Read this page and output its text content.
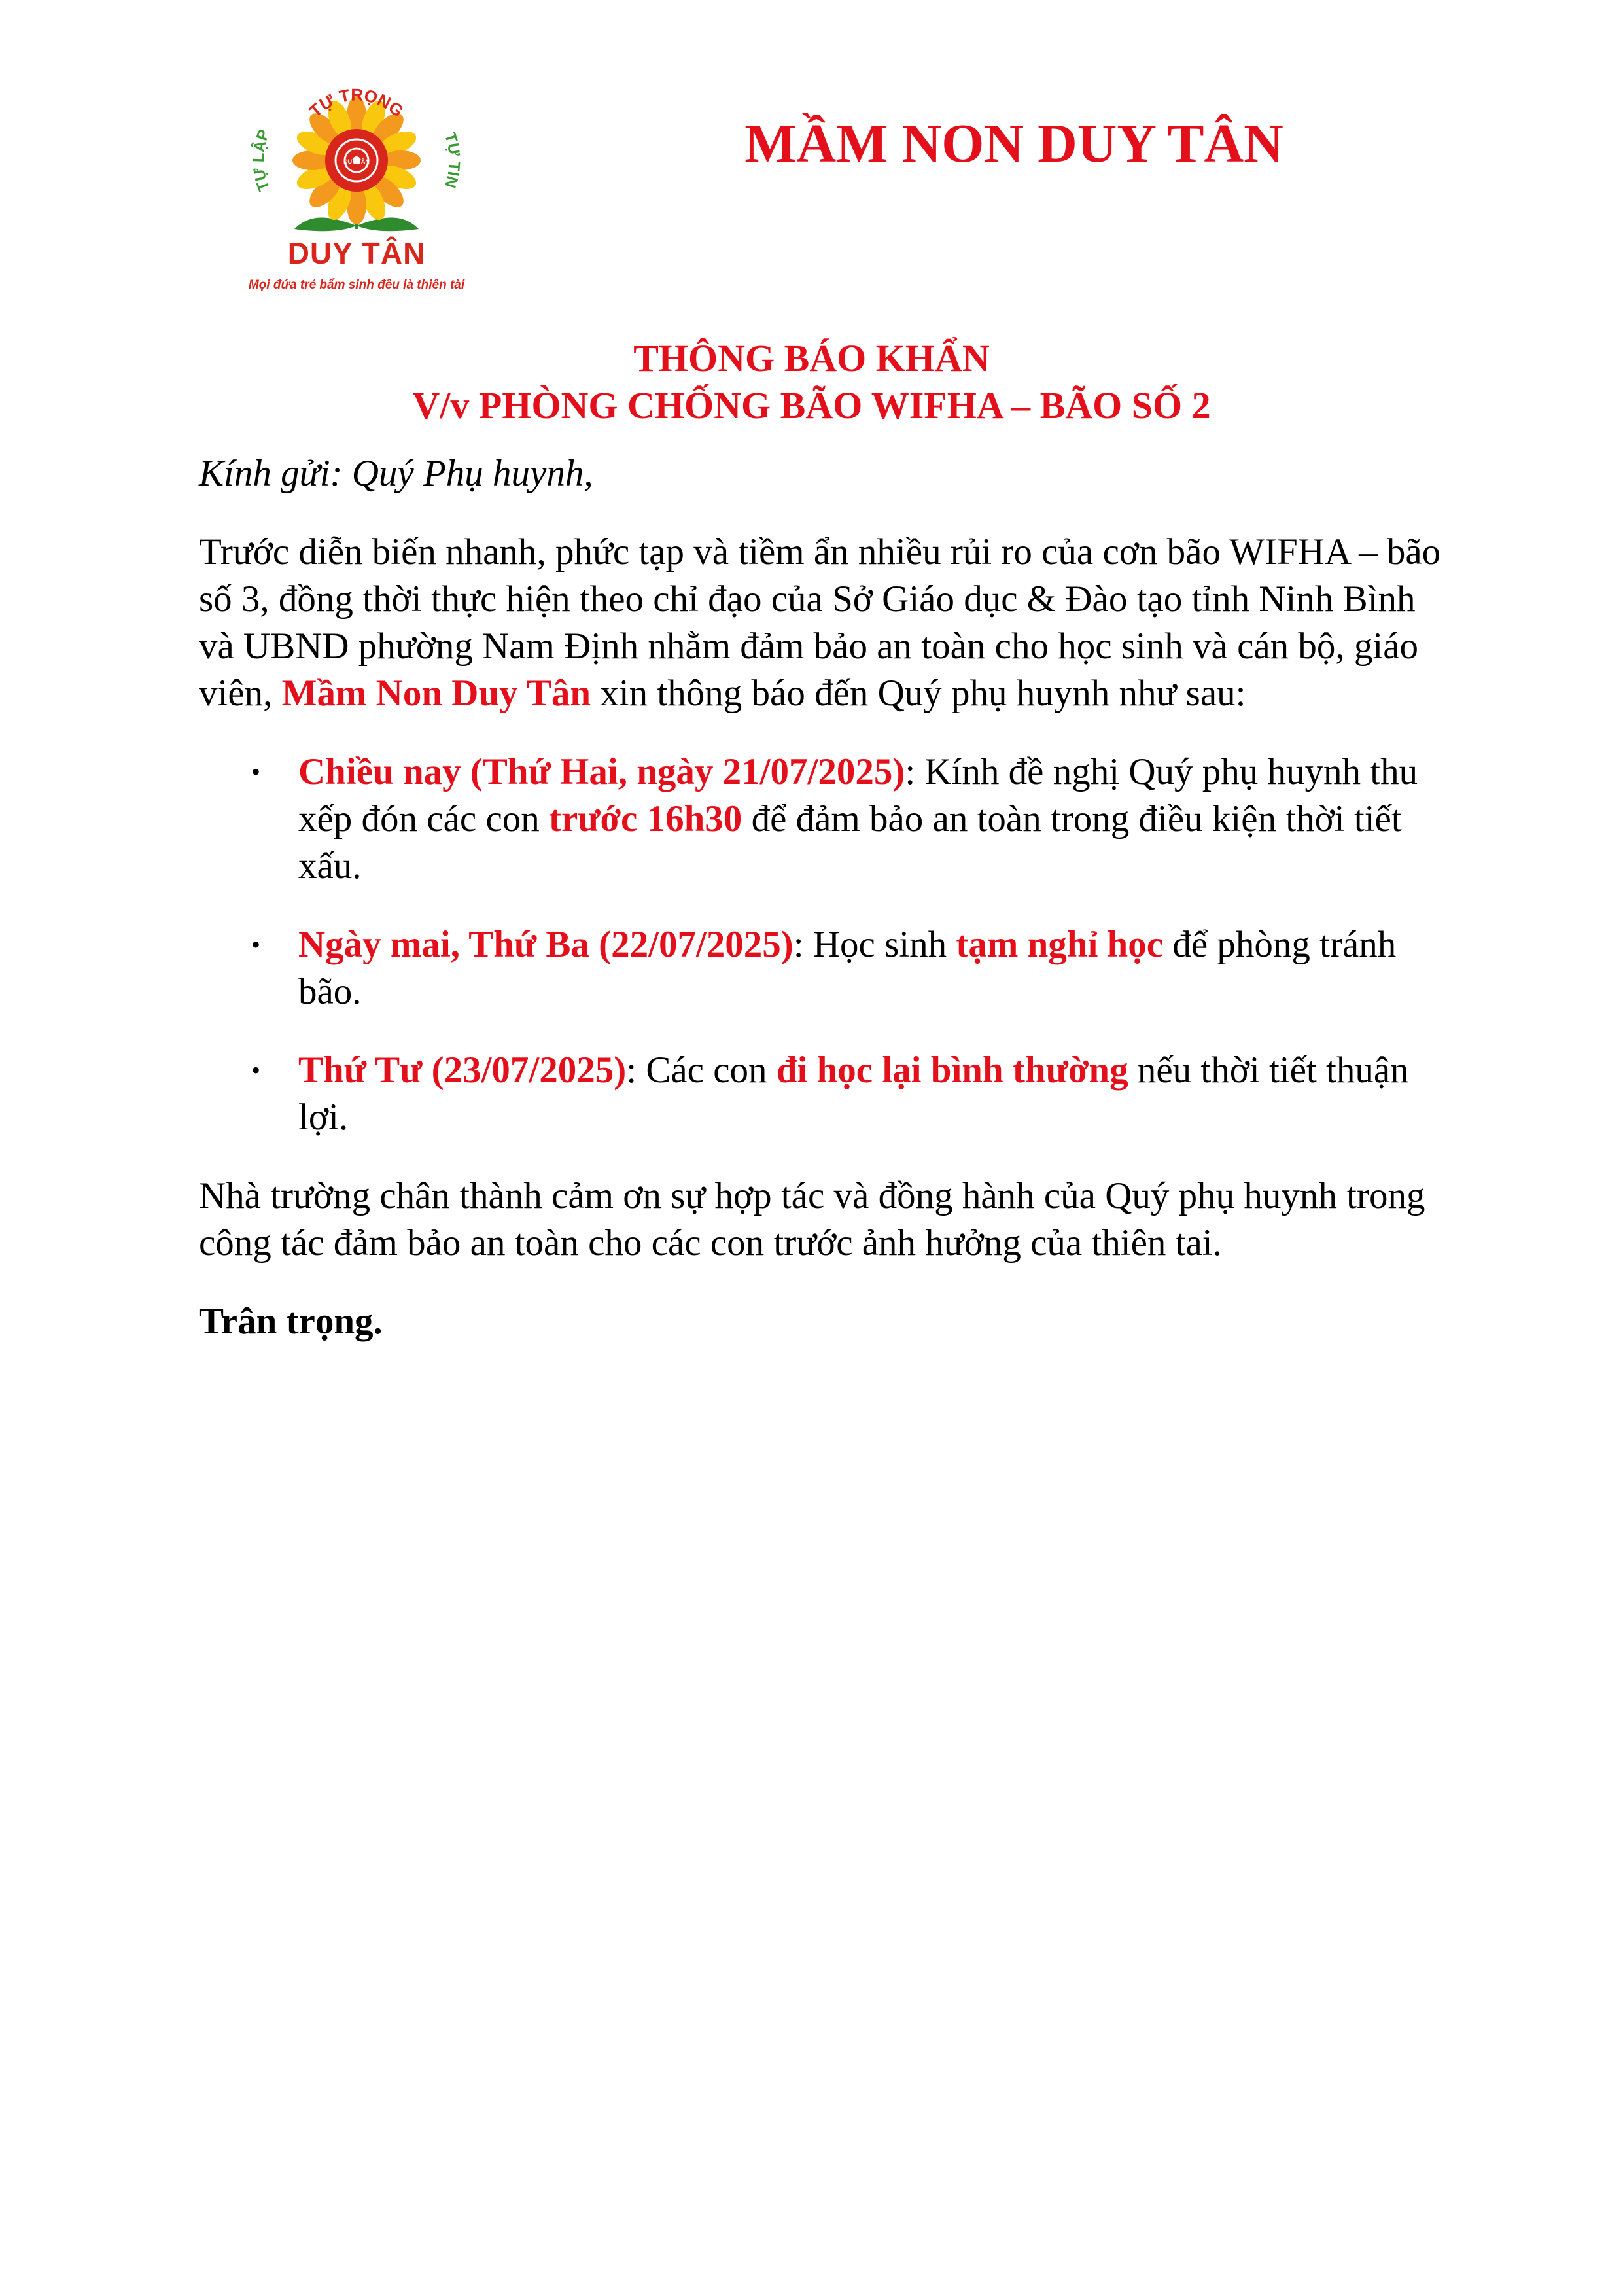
TỰ TRỌNG
TỰ LẬP	TỰ TIN
DUY TÂN
DUY TÂN
Mọi đứa trẻ bẩm sinh đều là thiên tài
MẦM NON DUY TÂN
THÔNG BÁO KHẨN
V/v PHÒNG CHỐNG BÃO WIFHA – BÃO SỐ 2

Kính gửi: Quý Phụ huynh,

Trước diễn biến nhanh, phức tạp và tiềm ẩn nhiều rủi ro của cơn bão WIFHA – bão số 3, đồng thời thực hiện theo chỉ đạo của Sở Giáo dục & Đào tạo tỉnh Ninh Bình và UBND phường Nam Định nhằm đảm bảo an toàn cho học sinh và cán bộ, giáo viên, Mầm Non Duy Tân xin thông báo đến Quý phụ huynh như sau:

• Chiều nay (Thứ Hai, ngày 21/07/2025): Kính đề nghị Quý phụ huynh thu xếp đón các con trước 16h30 để đảm bảo an toàn trong điều kiện thời tiết xấu.
• Ngày mai, Thứ Ba (22/07/2025): Học sinh tạm nghỉ học để phòng tránh bão.
• Thứ Tư (23/07/2025): Các con đi học lại bình thường nếu thời tiết thuận lợi.

Nhà trường chân thành cảm ơn sự hợp tác và đồng hành của Quý phụ huynh trong công tác đảm bảo an toàn cho các con trước ảnh hưởng của thiên tai.

Trân trọng.
